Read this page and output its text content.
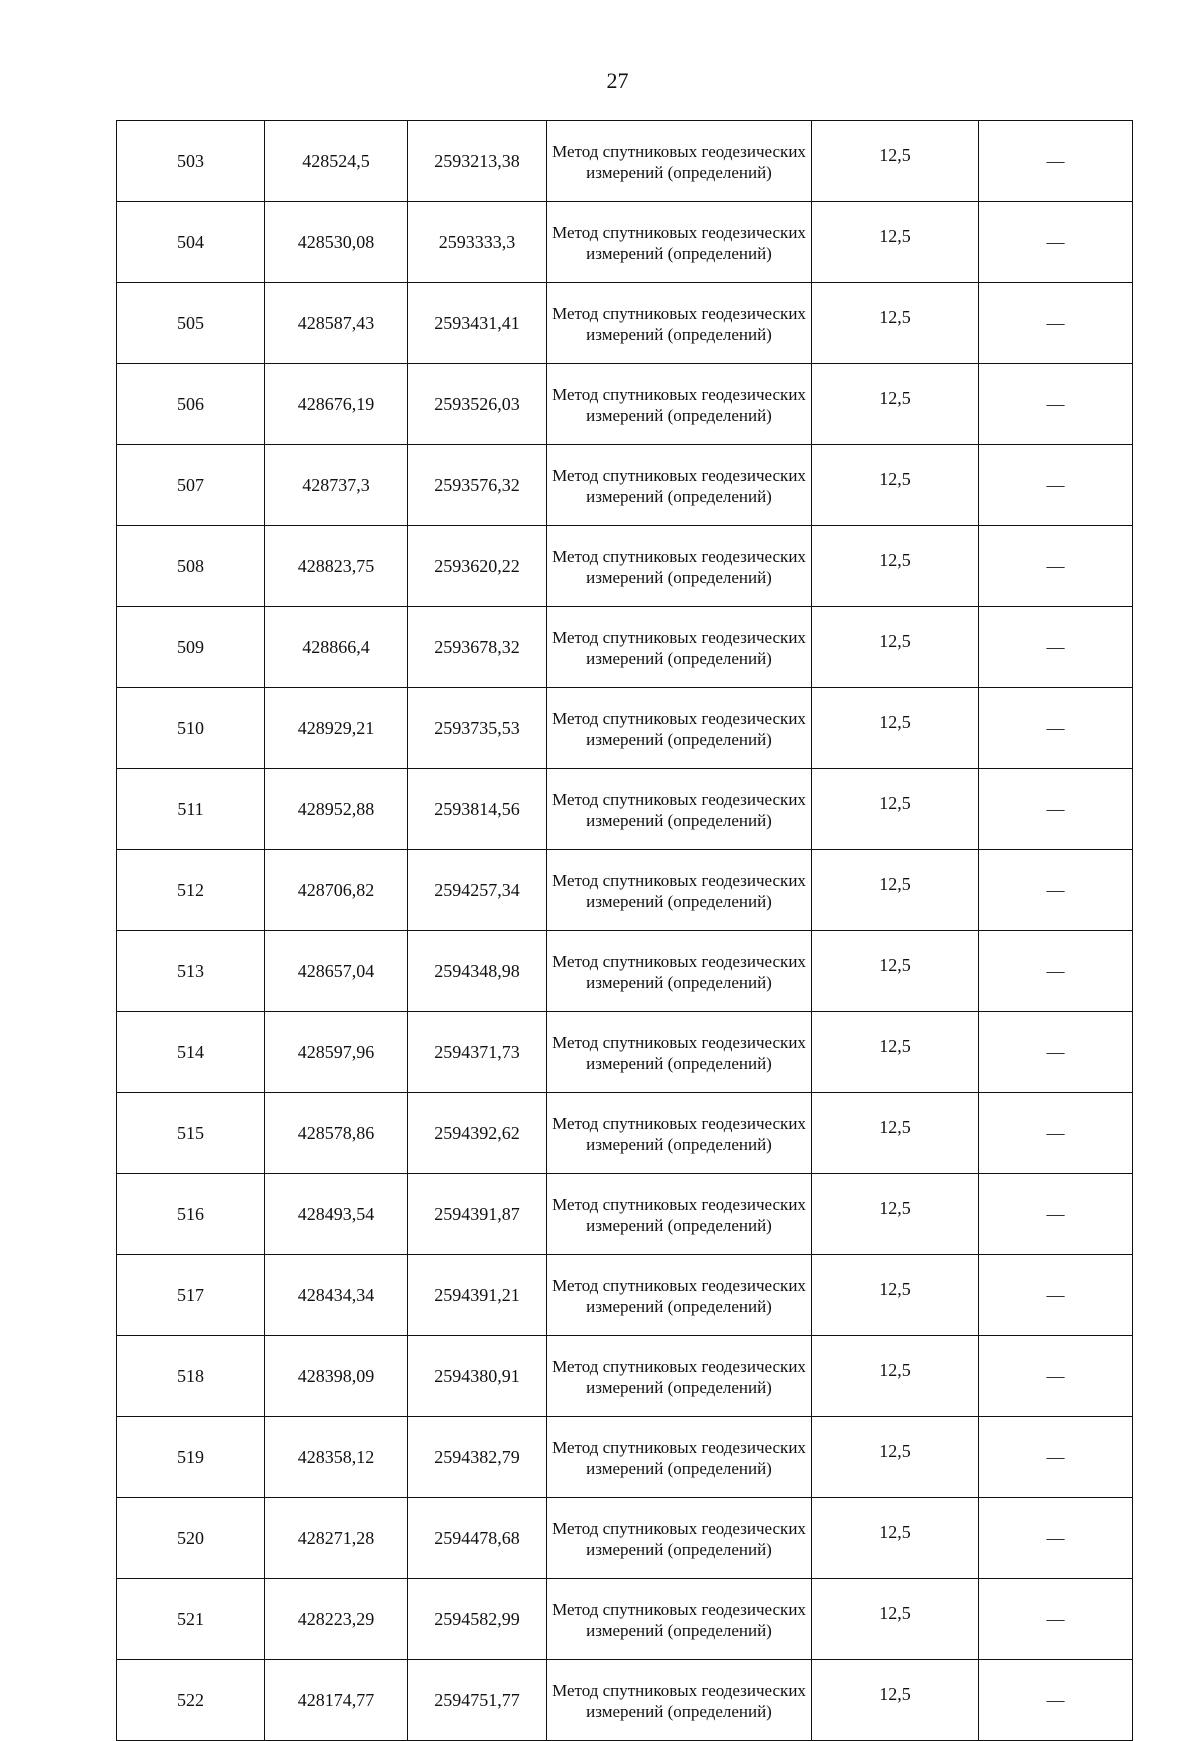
27
503	428524,5	2593213,38	Метод спутниковых геодезических измерений (определений)	12,5	—
504	428530,08	2593333,3	Метод спутниковых геодезических измерений (определений)	12,5	—
505	428587,43	2593431,41	Метод спутниковых геодезических измерений (определений)	12,5	—
506	428676,19	2593526,03	Метод спутниковых геодезических измерений (определений)	12,5	—
507	428737,3	2593576,32	Метод спутниковых геодезических измерений (определений)	12,5	—
508	428823,75	2593620,22	Метод спутниковых геодезических измерений (определений)	12,5	—
509	428866,4	2593678,32	Метод спутниковых геодезических измерений (определений)	12,5	—
510	428929,21	2593735,53	Метод спутниковых геодезических измерений (определений)	12,5	—
511	428952,88	2593814,56	Метод спутниковых геодезических измерений (определений)	12,5	—
512	428706,82	2594257,34	Метод спутниковых геодезических измерений (определений)	12,5	—
513	428657,04	2594348,98	Метод спутниковых геодезических измерений (определений)	12,5	—
514	428597,96	2594371,73	Метод спутниковых геодезических измерений (определений)	12,5	—
515	428578,86	2594392,62	Метод спутниковых геодезических измерений (определений)	12,5	—
516	428493,54	2594391,87	Метод спутниковых геодезических измерений (определений)	12,5	—
517	428434,34	2594391,21	Метод спутниковых геодезических измерений (определений)	12,5	—
518	428398,09	2594380,91	Метод спутниковых геодезических измерений (определений)	12,5	—
519	428358,12	2594382,79	Метод спутниковых геодезических измерений (определений)	12,5	—
520	428271,28	2594478,68	Метод спутниковых геодезических измерений (определений)	12,5	—
521	428223,29	2594582,99	Метод спутниковых геодезических измерений (определений)	12,5	—
522	428174,77	2594751,77	Метод спутниковых геодезических измерений (определений)	12,5	—
